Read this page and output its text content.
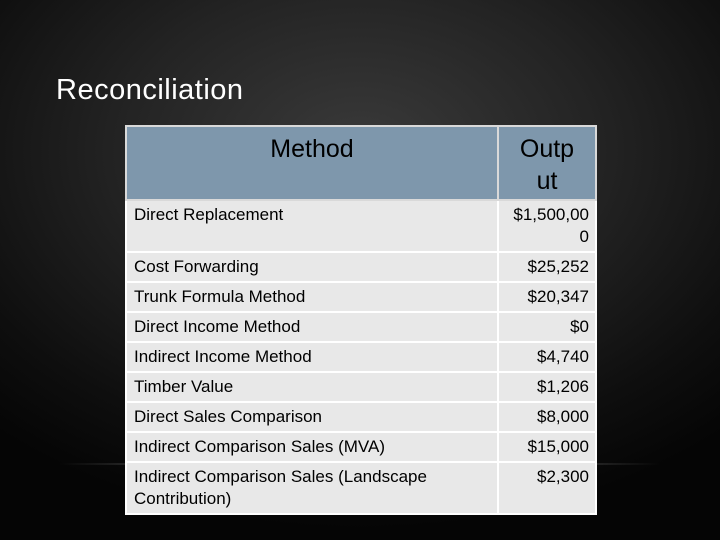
Reconciliation
Method	Outp ut
Direct Replacement	$1,500,00 0
Cost Forwarding	$25,252
Trunk Formula Method	$20,347
Direct Income Method	$0
Indirect Income Method	$4,740
Timber Value	$1,206
Direct Sales Comparison	$8,000
Indirect Comparison Sales (MVA)	$15,000
Indirect Comparison Sales (Landscape Contribution)	$2,300
